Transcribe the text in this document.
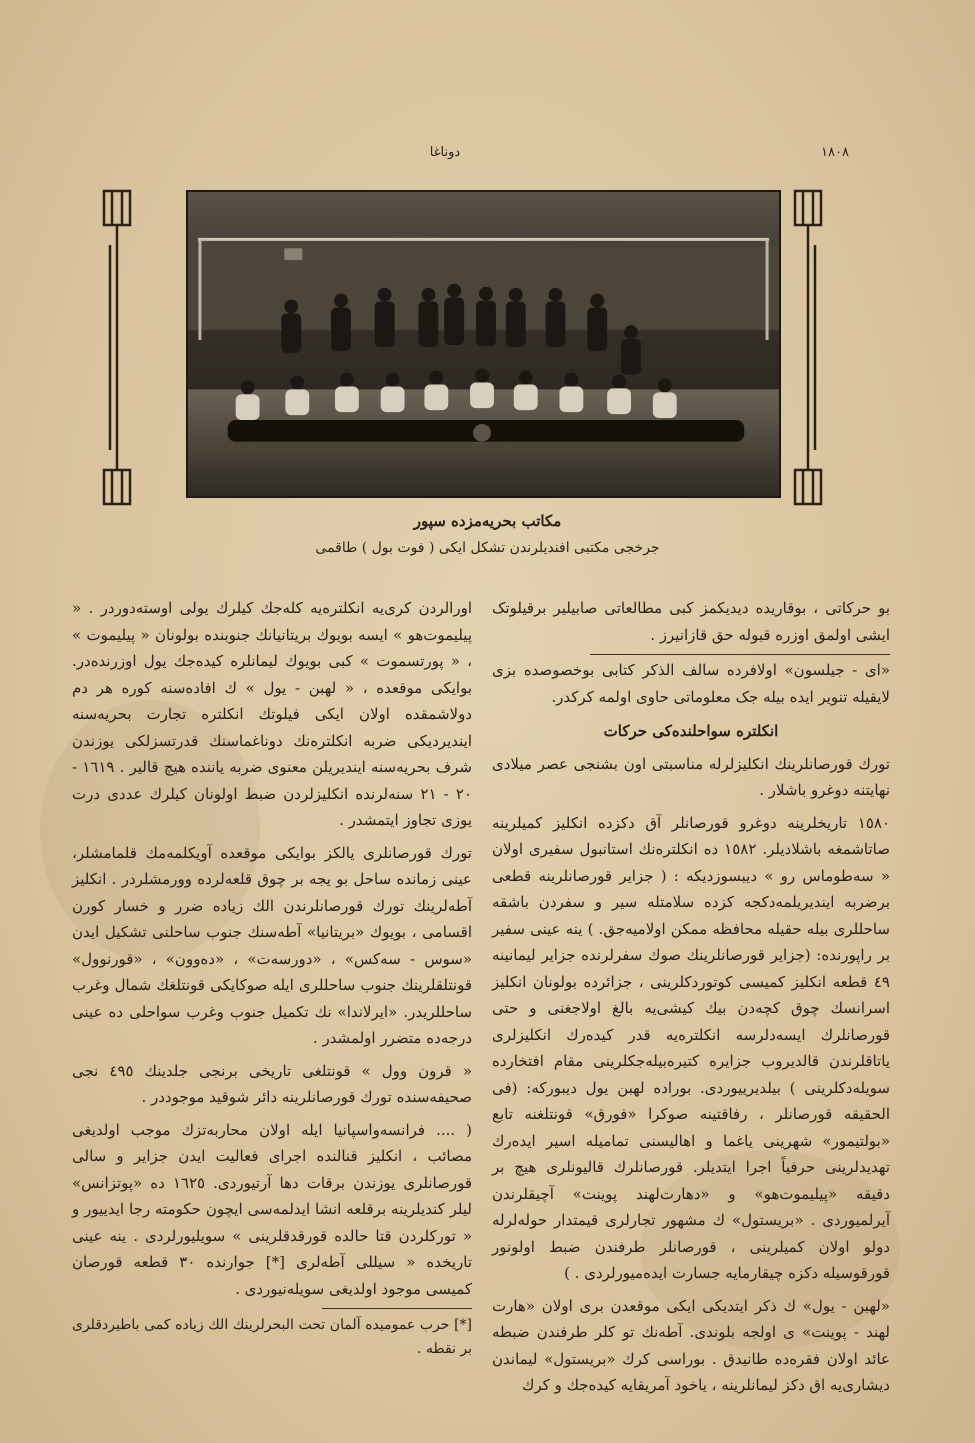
دوناغا	١٨٠٨
مکاتب بحریه‌مزده سپور
جرخجی مکتبی افندیلرندن تشکل ایکی ( فوت بول ) طاقمی

بو حرکاتی ، بوقاریده دیدیکمز کبی مطالعاتی صابیلیر برقیلوتک ایشی اولمق اوزره قبوله حق قازانیرز .

«ای - جیلسون» اولافرده سالف الذکر کتابی بوخصوصده بزی لایقیله تنویر ایده بیله جک معلوماتی حاوی اولمه کرکدر.

انکلتره سواحلنده‌کی حرکات

تورك قورصانلرینك انکلیزلرله مناسبتی اون بشنجی عصر میلادی نهایتنه دوغرو باشلار .

١٥٨٠ تاریخلرینه دوغرو قورصانلر آق دکزده انکلیز کمیلرینه صاتاشمغه باشلادیلر. ١٥٨٢ ده انکلتره‌نك استانبول سفیری اولان « سه‌طوماس رو » دیبسوزدیکه : ( جزایر قورصانلرینه قطعی برضربه ایندیریلمه‌دکجه کزده سلامتله سیر و سفردن باشقه ساحللری بیله حقیله محافظه ممکن اولامیه‌جق. ) ینه عینی سفیر بر راپورنده: (جزایر قورصانلرینك صوك سفرلرنده جزایر لیمانینه ٤٩ قطعه انکلیز کمیسی کوتوردکلرینی ، جزائرده بولونان انکلیز اسرانسك چوق کچه‌دن بیك کیشی‌یه بالغ اولاجغنی و حتی قورصانلرك ایسه‌دلرسه انکلتره‌یه قدر کیده‌رك انکلیزلری یاتاقلرندن قالدیروب جزایره کتیره‌بیله‌جکلرینی مقام افتخارده سویله‌دکلرینی ) بیلدیرییوردی. بوراده لهبن یول دیبورکه: (فی الحقیقه قورصانلر ، رفاقتینه صوکرا «فورق» قونتلغنه تابع «بولتیمور» شهرینی یاغما و اهالیسنی تمامیله اسیر ایده‌رك تهدیدلرینی حرفیاً اجرا ایتدیلر. قورصانلرك قالیونلری هیچ بر دقیقه «پیلیموت‌هو» و «دهارت‌لهند پوینت» آچیقلرندن آیرلمیوردی . «بریستول» ك مشهور تجارلری قیمتدار حوله‌لرله دولو اولان کمیلرینی ، قورصانلر طرفندن ضبط اولونور قورقوسیله دکزه چیقارمایه جسارت ایده‌میورلردی . )

«لهبن - یول» ك ذکر ایتدیکی ایکی موقعدن بری اولان «هارت لهند - پوینت» ی اولجه بلوندی. آطه‌نك تو کلر طرفندن ضبطه عائد اولان فقره‌ده طانیدق . بوراسی کرك «بریستول» لیماندن دیشاری‌یه اق دکز لیمانلرینه ، یاخود آمریقایه کیده‌جك و کرك

اورالردن کری‌یه انکلتره‌یه کله‌جك کیلرك یولی اوسته‌دوردر . « پیلیموت‌هو » ایسه بویوك بریتانیانك جنوبنده بولونان « پیلیموت » ، « پورتسموت » کبی بویوك لیمانلره کیده‌جك یول اوزرنده‌در. بوایکی موقعده ، « لهبن - یول » ك افاده‌سنه کوره هر دم دولاشمقده اولان ایکی فیلوتك انکلتره تجارت بحریه‌سنه ایندیردیکی ضربه انکلتره‌نك دوناغماسنك قدرتسزلکی یوزندن شرف بحریه‌سنه ایندیریلن معنوی ضربه یاننده هیچ قالیر . ١٦١٩ - ٢٠ - ٢١ سنه‌لرنده انکلیزلردن ضبط اولونان کیلرك عددی درت یوزی تجاوز ایتمشدر .

تورك قورصانلری یالکز بوایکی موقعده آویکلمه‌مك قلمامشلر، عینی زمانده ساحل بو یجه بر چوق قلعه‌لرده وورمشلردر . انکلیز آطه‌لرینك تورك قورصانلرندن الك زیاده ضرر و خسار کورن اقسامی ، بویوك «بریتانیا» آطه‌سنك جنوب ساحلنی تشکیل ایدن «سوس - سه‌کس» ، «دورسه‌ت» ، «ده‌وون» ، «قورنوول» قونتلقلرینك جنوب ساحللری ایله صوکایکی قونتلغك شمال وغرب ساحللریدر. «ایرلاندا» نك تکمیل جنوب وغرب سواحلی ده عینی درجه‌ده متضرر اولمشدر .

« قرون وول » قونتلغی تاریخی برنجی جلدینك ٤٩٥ نجی صحیفه‌سنده تورك قورصانلرینه دائر شوقید موجوددر .

( .... فرانسه‌واسپانیا ایله اولان محاربه‌تزك موجب اولدیغی مصائب ، انکلیز قنالنده اجرای فعالیت ایدن جزایر و سالی قورصانلری یوزندن برقات دها آرتیوردی. ١٦٢٥ ده «پوتزانس» لیلر کندیلرینه برقلعه انشا ایدلمه‌سی ایچون حکومته رجا ایدییور و « تورکلردن قتا حالده قورقدقلرینی » سویلیورلردی . ینه عینی تاریخده « سیللی آطه‌لری [*] جوارنده ٣٠ قطعه قورصان کمیسی موجود اولدیغی سویله‌نیوردی .

[*] حرب عمومیده آلمان تحت البحرلرینك الك زیاده کمی باطیردقلری بر نقطه .
